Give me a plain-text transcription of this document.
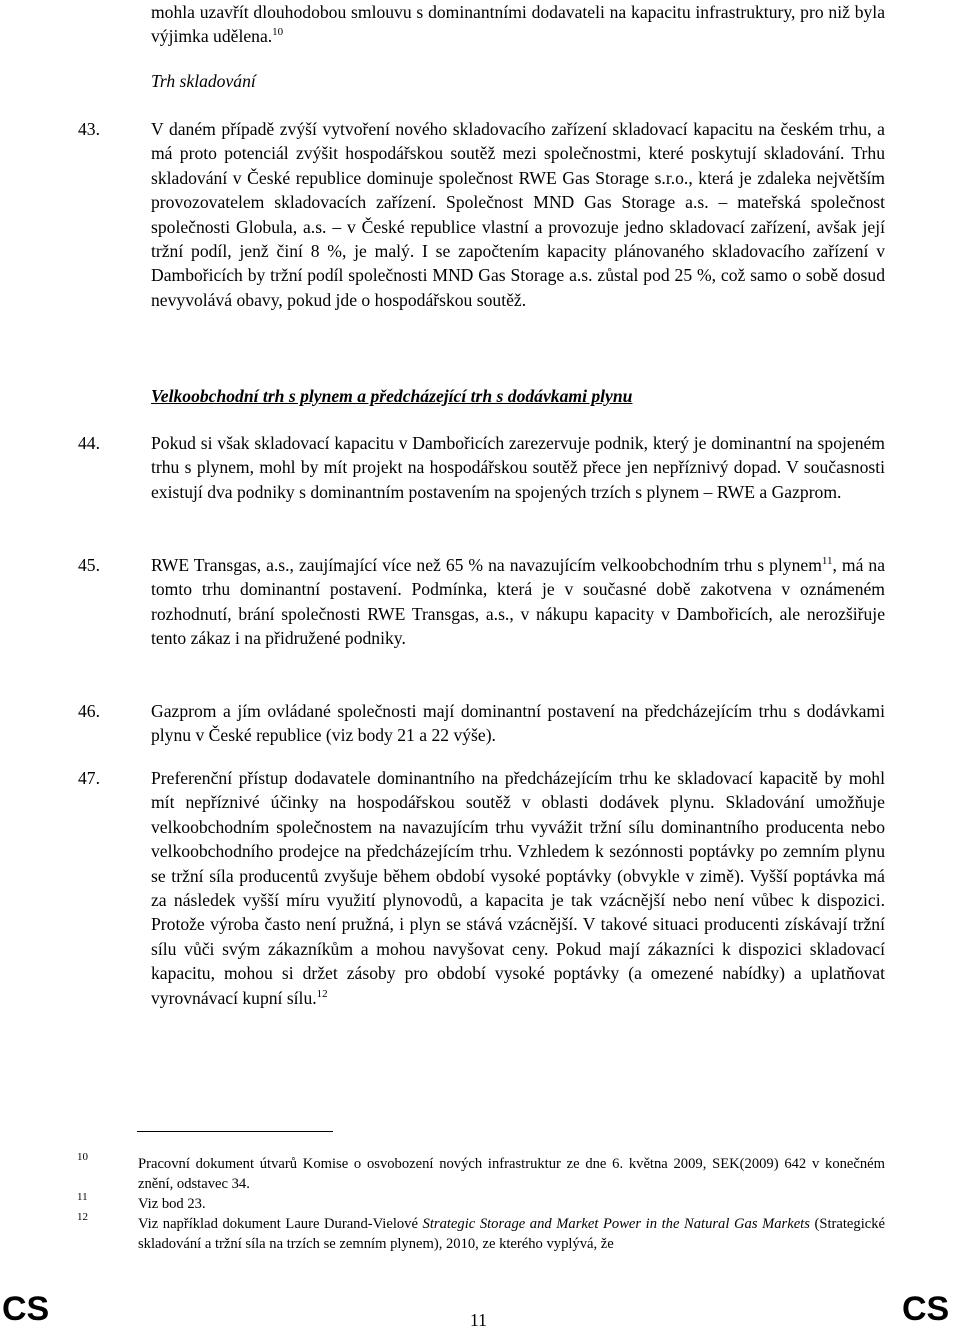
mohla uzavřít dlouhodobou smlouvu s dominantními dodavateli na kapacitu infrastruktury, pro niž byla výjimka udělena.$^{10}$
Trh skladování
43.	V daném případě zvýší vytvoření nového skladovacího zařízení skladovací kapacitu na českém trhu, a má proto potenciál zvýšit hospodářskou soutěž mezi společnostmi, které poskytují skladování. Trhu skladování v České republice dominuje společnost RWE Gas Storage s.r.o., která je zdaleka největším provozovatelem skladovacích zařízení. Společnost MND Gas Storage a.s. – mateřská společnost společnosti Globula, a.s. – v České republice vlastní a provozuje jedno skladovací zařízení, avšak její tržní podíl, jenž činí 8 %, je malý. I se započtením kapacity plánovaného skladovacího zařízení v Dambořicích by tržní podíl společnosti MND Gas Storage a.s. zůstal pod 25 %, což samo o sobě dosud nevyvolává obavy, pokud jde o hospodářskou soutěž.
Velkoobchodní trh s plynem a předcházející trh s dodávkami plynu
44.	Pokud si však skladovací kapacitu v Dambořicích zarezervuje podnik, který je dominantní na spojeném trhu s plynem, mohl by mít projekt na hospodářskou soutěž přece jen nepříznivý dopad. V současnosti existují dva podniky s dominantním postavením na spojených trzích s plynem – RWE a Gazprom.
45.	RWE Transgas, a.s., zaujímající více než 65 % na navazujícím velkoobchodním trhu s plynem$^{11}$, má na tomto trhu dominantní postavení. Podmínka, která je v současné době zakotvena v oznámeném rozhodnutí, brání společnosti RWE Transgas, a.s., v nákupu kapacity v Dambořicích, ale nerozšiřuje tento zákaz i na přidružené podniky.
46.	Gazprom a jím ovládané společnosti mají dominantní postavení na předcházejícím trhu s dodávkami plynu v České republice (viz body 21 a 22 výše).
47.	Preferenční přístup dodavatele dominantního na předcházejícím trhu ke skladovací kapacitě by mohl mít nepříznivé účinky na hospodářskou soutěž v oblasti dodávek plynu. Skladování umožňuje velkoobchodním společnostem na navazujícím trhu vyvážit tržní sílu dominantního producenta nebo velkoobchodního prodejce na předcházejícím trhu. Vzhledem k sezónnosti poptávky po zemním plynu se tržní síla producentů zvyšuje během období vysoké poptávky (obvykle v zimě). Vyšší poptávka má za následek vyšší míru využití plynovodů, a kapacita je tak vzácnější nebo není vůbec k dispozici. Protože výroba často není pružná, i plyn se stává vzácnější. V takové situaci producenti získávají tržní sílu vůči svým zákazníkům a mohou navyšovat ceny. Pokud mají zákazníci k dispozici skladovací kapacitu, mohou si držet zásoby pro období vysoké poptávky (a omezené nabídky) a uplatňovat vyrovnávací kupní sílu.$^{12}$
10	Pracovní dokument útvarů Komise o osvobození nových infrastruktur ze dne 6. května 2009, SEK(2009) 642 v konečném znění, odstavec 34.
11	Viz bod 23.
12	Viz například dokument Laure Durand-Vielové Strategic Storage and Market Power in the Natural Gas Markets (Strategické skladování a tržní síla na trzích se zemním plynem), 2010, ze kterého vyplývá, že
CS	11	CS
